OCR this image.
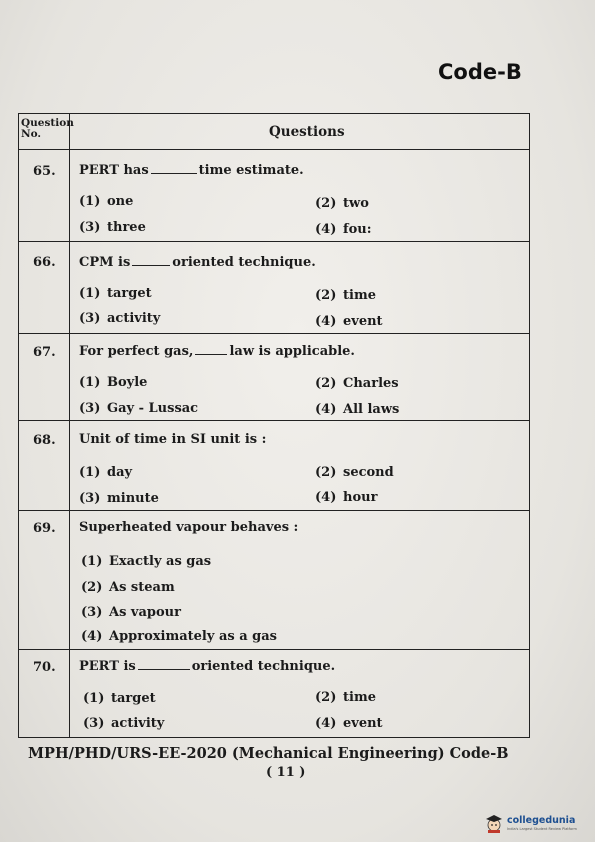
Code-B
Question No.	Questions
65. PERT has	time estimate.
(1) one	(2) two
(3) three	(4) fou:
66. CPM is	oriented technique.
(1) target	(2) time
(3) activity	(4) event
67. For perfect gas,	law is applicable.
(1) Boyle	(2) Charles
(3) Gay - Lussac	(4) All laws
68. Unit of time in SI unit is :
(1) day	(2) second
(3) minute	(4) hour
69. Superheated vapour behaves :
(1) Exactly as gas
(2) As steam
(3) As vapour
(4) Approximately as a gas
70. PERT is	oriented technique.
(1) target	(2) time
(3) activity	(4) event
MPH/PHD/URS-EE-2020 (Mechanical Engineering) Code-B
( 11 )
collegedunia
India's Largest Student Review Platform
